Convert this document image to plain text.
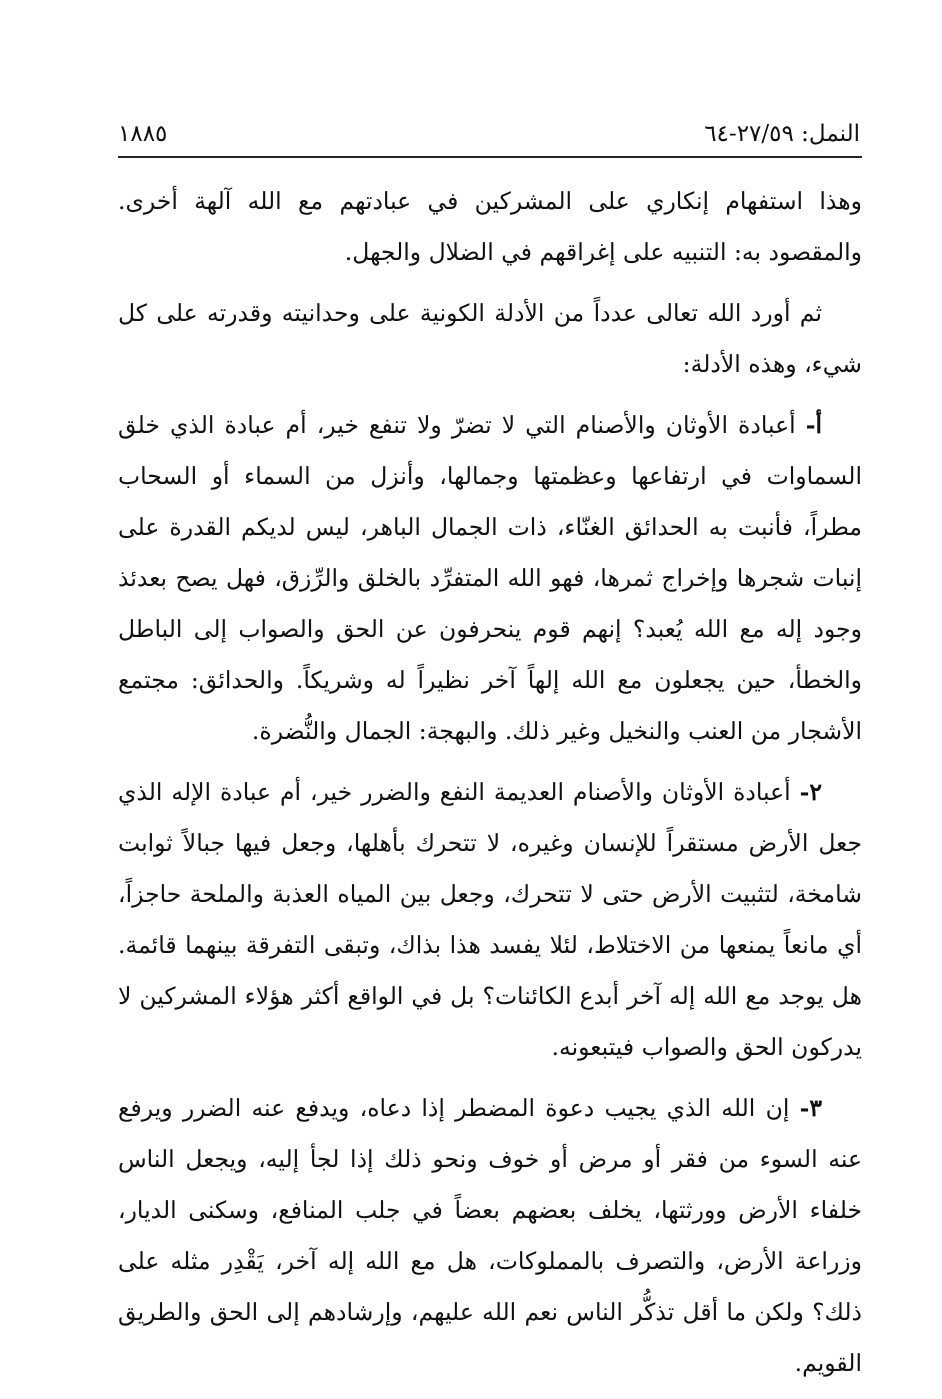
النمل: ٢٧/٥٩-٦٤
١٨٨٥

وهذا استفهام إنكاري على المشركين في عبادتهم مع الله آلهة أخرى. والمقصود به: التنبيه على إغراقهم في الضلال والجهل.

ثم أورد الله تعالى عدداً من الأدلة الكونية على وحدانيته وقدرته على كل شيء، وهذه الأدلة:

أ- أعبادة الأوثان والأصنام التي لا تضرّ ولا تنفع خير، أم عبادة الذي خلق السماوات في ارتفاعها وعظمتها وجمالها، وأنزل من السماء أو السحاب مطراً، فأنبت به الحدائق الغنّاء، ذات الجمال الباهر، ليس لديكم القدرة على إنبات شجرها وإخراج ثمرها، فهو الله المتفرِّد بالخلق والرِّزق، فهل يصح بعدئذ وجود إله مع الله يُعبد؟ إنهم قوم ينحرفون عن الحق والصواب إلى الباطل والخطأ، حين يجعلون مع الله إلهاً آخر نظيراً له وشريكاً. والحدائق: مجتمع الأشجار من العنب والنخيل وغير ذلك. والبهجة: الجمال والنُّضرة.

٢- أعبادة الأوثان والأصنام العديمة النفع والضرر خير، أم عبادة الإله الذي جعل الأرض مستقراً للإنسان وغيره، لا تتحرك بأهلها، وجعل فيها جبالاً ثوابت شامخة، لتثبيت الأرض حتى لا تتحرك، وجعل بين المياه العذبة والملحة حاجزاً، أي مانعاً يمنعها من الاختلاط، لئلا يفسد هذا بذاك، وتبقى التفرقة بينهما قائمة. هل يوجد مع الله إله آخر أبدع الكائنات؟ بل في الواقع أكثر هؤلاء المشركين لا يدركون الحق والصواب فيتبعونه.

٣- إن الله الذي يجيب دعوة المضطر إذا دعاه، ويدفع عنه الضرر ويرفع عنه السوء من فقر أو مرض أو خوف ونحو ذلك إذا لجأ إليه، ويجعل الناس خلفاء الأرض وورثتها، يخلف بعضهم بعضاً في جلب المنافع، وسكنى الديار، وزراعة الأرض، والتصرف بالمملوكات، هل مع الله إله آخر، يَقْدِر مثله على ذلك؟ ولكن ما أقل تذكُّر الناس نعم الله عليهم، وإرشادهم إلى الحق والطريق القويم.
